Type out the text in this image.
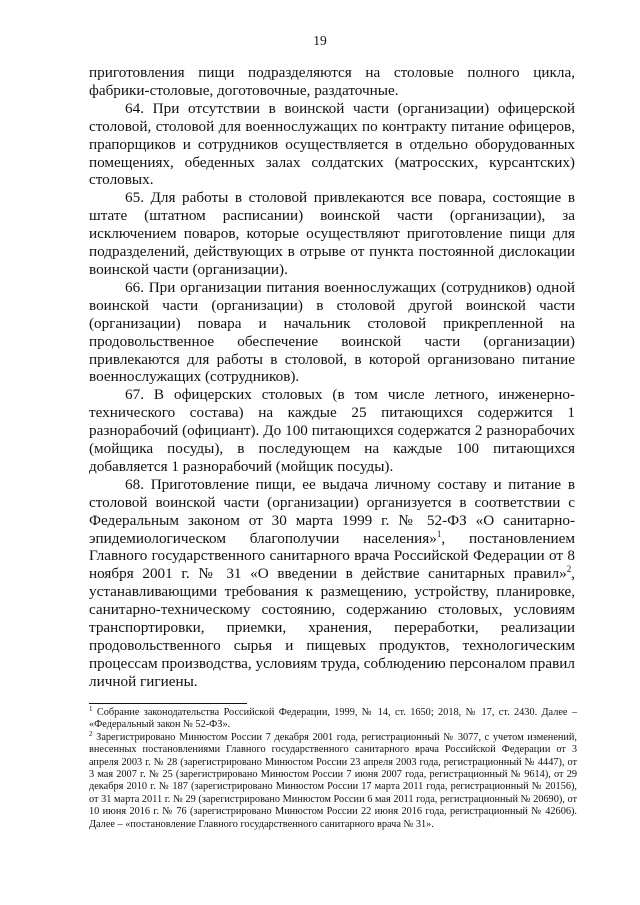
19

приготовления пищи подразделяются на столовые полного цикла, фабрики-столовые, доготовочные, раздаточные.

64. При отсутствии в воинской части (организации) офицерской столовой, столовой для военнослужащих по контракту питание офицеров, прапорщиков и сотрудников осуществляется в отдельно оборудованных помещениях, обеденных залах солдатских (матросских, курсантских) столовых.

65. Для работы в столовой привлекаются все повара, состоящие в штате (штатном расписании) воинской части (организации), за исключением поваров, которые осуществляют приготовление пищи для подразделений, действующих в отрыве от пункта постоянной дислокации воинской части (организации).

66. При организации питания военнослужащих (сотрудников) одной воинской части (организации) в столовой другой воинской части (организации) повара и начальник столовой прикрепленной на продовольственное обеспечение воинской части (организации) привлекаются для работы в столовой, в которой организовано питание военнослужащих (сотрудников).

67. В офицерских столовых (в том числе летного, инженерно-технического состава) на каждые 25 питающихся содержится 1 разнорабочий (официант). До 100 питающихся содержатся 2 разнорабочих (мойщика посуды), в последующем на каждые 100 питающихся добавляется 1 разнорабочий (мойщик посуды).

68. Приготовление пищи, ее выдача личному составу и питание в столовой воинской части (организации) организуется в соответствии с Федеральным законом от 30 марта 1999 г. № 52-ФЗ «О санитарно-эпидемиологическом благополучии населения»$^1$, постановлением Главного государственного санитарного врача Российской Федерации от 8 ноября 2001 г. № 31 «О введении в действие санитарных правил»$^2$, устанавливающими требования к размещению, устройству, планировке, санитарно-техническому состоянию, содержанию столовых, условиям транспортировки, приемки, хранения, переработки, реализации продовольственного сырья и пищевых продуктов, технологическим процессам производства, условиям труда, соблюдению персоналом правил личной гигиены.

$^1$ Собрание законодательства Российской Федерации, 1999, № 14, ст. 1650; 2018, № 17, ст. 2430. Далее – «Федеральный закон № 52-ФЗ».

$^2$ Зарегистрировано Минюстом России 7 декабря 2001 года, регистрационный № 3077, с учетом изменений, внесенных постановлениями Главного государственного санитарного врача Российской Федерации от 3 апреля 2003 г. № 28 (зарегистрировано Минюстом России 23 апреля 2003 года, регистрационный № 4447), от 3 мая 2007 г. № 25 (зарегистрировано Минюстом России 7 июня 2007 года, регистрационный № 9614), от 29 декабря 2010 г. № 187 (зарегистрировано Минюстом России 17 марта 2011 года, регистрационный № 20156), от 31 марта 2011 г. № 29 (зарегистрировано Минюстом России 6 мая 2011 года, регистрационный № 20690), от 10 июня 2016 г. № 76 (зарегистрировано Минюстом России 22 июня 2016 года, регистрационный № 42606). Далее – «постановление Главного государственного санитарного врача № 31».
